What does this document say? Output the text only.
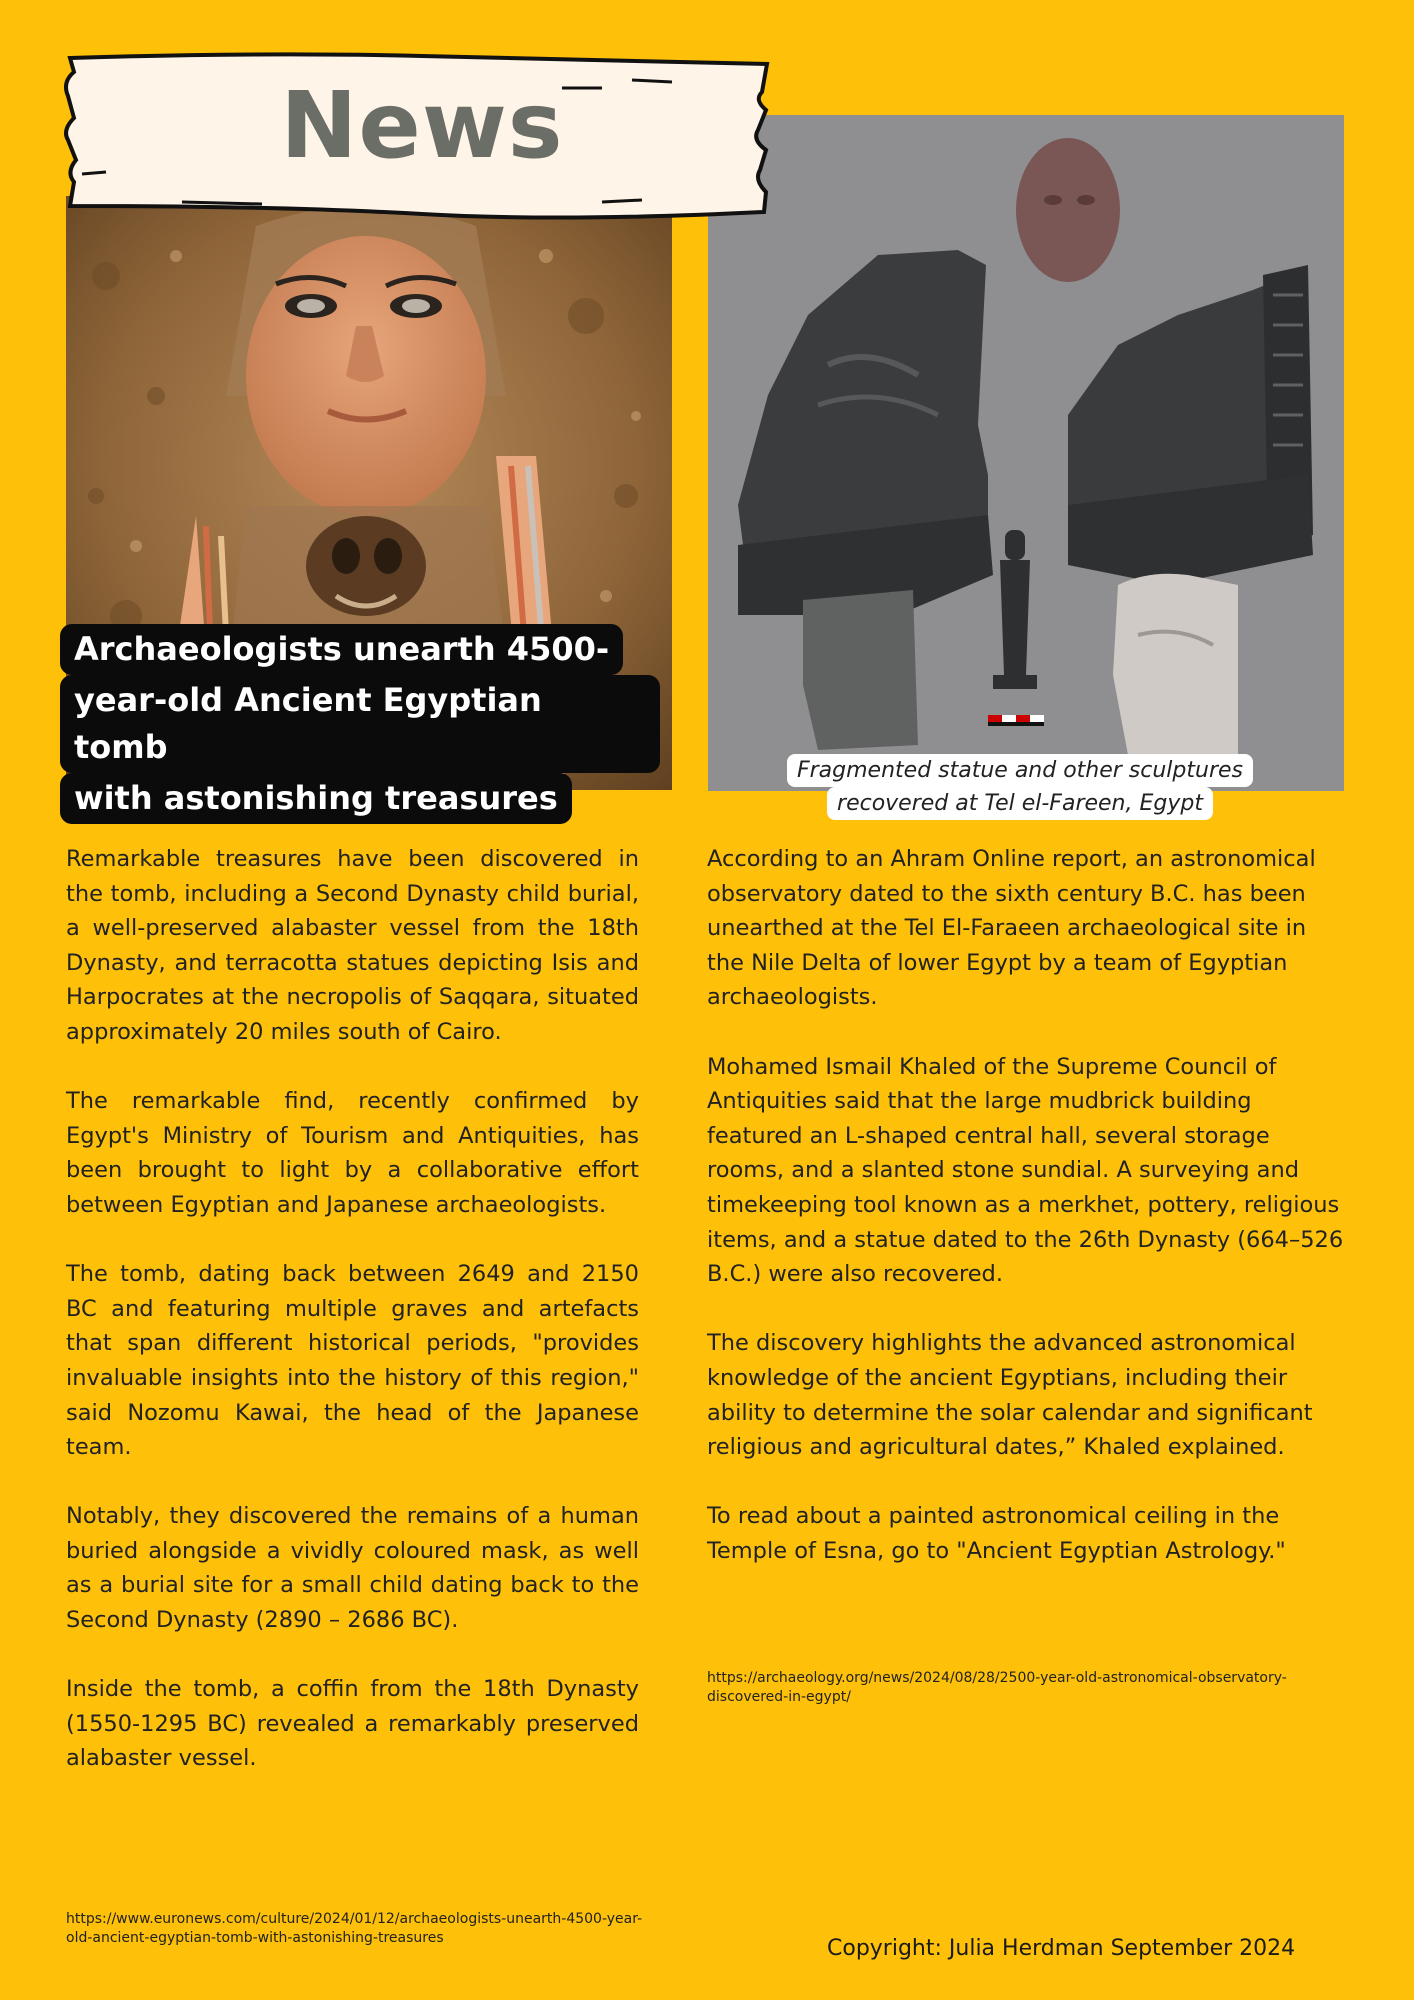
News
Archaeologists unearth 4500-
year-old Ancient Egyptian tomb
with astonishing treasures
Fragmented statue and other sculptures
recovered at Tel el-Fareen, Egypt

Remarkable treasures have been discovered in the tomb, including a Second Dynasty child burial, a well-preserved alabaster vessel from the 18th Dynasty, and terracotta statues depicting Isis and Harpocrates at the necropolis of Saqqara, situated approximately 20 miles south of Cairo.

The remarkable find, recently confirmed by Egypt's Ministry of Tourism and Antiquities, has been brought to light by a collaborative effort between Egyptian and Japanese archaeologists.

The tomb, dating back between 2649 and 2150 BC and featuring multiple graves and artefacts that span different historical periods, "provides invaluable insights into the history of this region," said Nozomu Kawai, the head of the Japanese team.

Notably, they discovered the remains of a human buried alongside a vividly coloured mask, as well as a burial site for a small child dating back to the Second Dynasty (2890 – 2686 BC).

Inside the tomb, a coffin from the 18th Dynasty (1550-1295 BC) revealed a remarkably preserved alabaster vessel.

https://www.euronews.com/culture/2024/01/12/archaeologists-unearth-4500-year-old-ancient-egyptian-tomb-with-astonishing-treasures

According to an Ahram Online report, an astronomical observatory dated to the sixth century B.C. has been unearthed at the Tel El-Faraeen archaeological site in the Nile Delta of lower Egypt by a team of Egyptian archaeologists.

Mohamed Ismail Khaled of the Supreme Council of Antiquities said that the large mudbrick building featured an L-shaped central hall, several storage rooms, and a slanted stone sundial. A surveying and timekeeping tool known as a merkhet, pottery, religious items, and a statue dated to the 26th Dynasty (664–526 B.C.) were also recovered.

The discovery highlights the advanced astronomical knowledge of the ancient Egyptians, including their ability to determine the solar calendar and significant religious and agricultural dates,” Khaled explained.

To read about a painted astronomical ceiling in the Temple of Esna, go to "Ancient Egyptian Astrology."

https://archaeology.org/news/2024/08/28/2500-year-old-astronomical-observatory-discovered-in-egypt/
Copyright: Julia Herdman September 2024
